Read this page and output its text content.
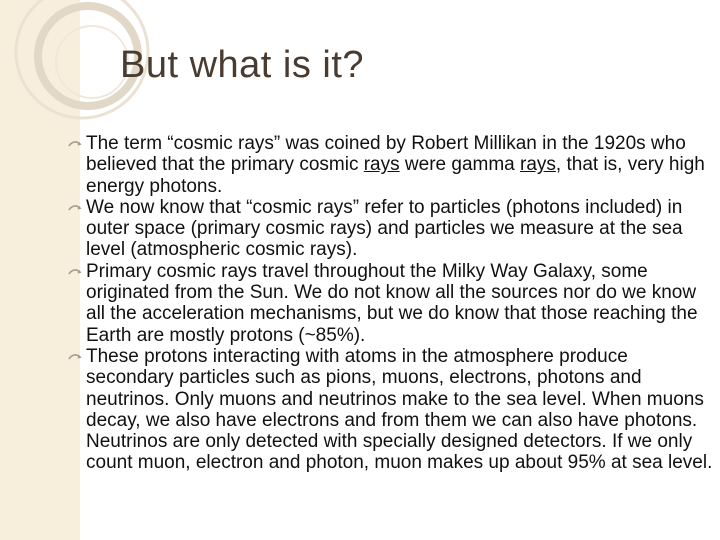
But what is it?
The term “cosmic rays” was coined by Robert Millikan in the 1920s who believed that the primary cosmic rays were gamma rays, that is, very high energy photons.
We now know that “cosmic rays” refer to particles (photons included) in outer space (primary cosmic rays) and particles we measure at the sea level (atmospheric cosmic rays).
Primary cosmic rays travel throughout the Milky Way Galaxy, some originated from the Sun. We do not know all the sources nor do we know all the acceleration mechanisms, but we do know that those reaching the Earth are mostly protons (~85%).
These protons interacting with atoms in the atmosphere produce secondary particles such as pions, muons, electrons, photons and neutrinos. Only muons and neutrinos make to the sea level. When muons decay, we also have electrons and from them we can also have photons. Neutrinos are only detected with specially designed detectors. If we only count muon, electron and photon, muon makes up about 95% at sea level.
